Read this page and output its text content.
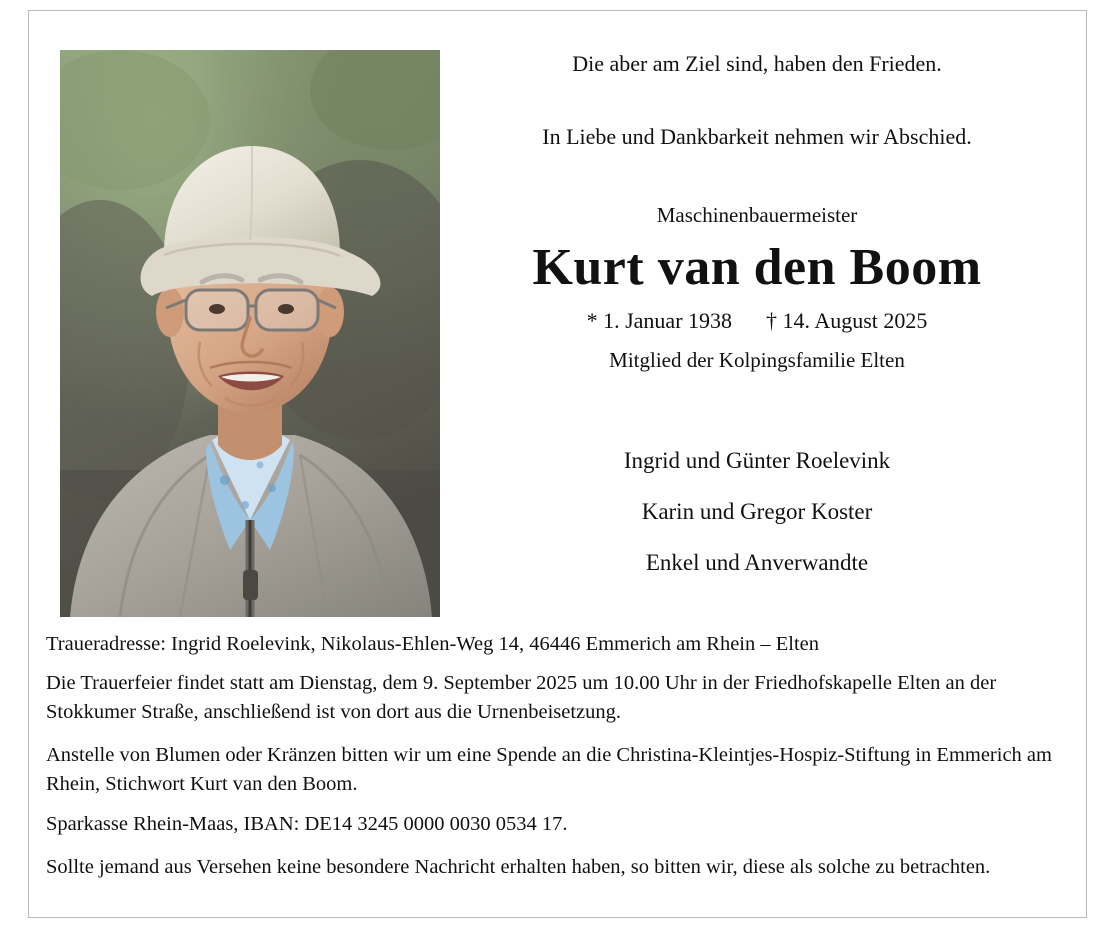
Die aber am Ziel sind, haben den Frieden.
In Liebe und Dankbarkeit nehmen wir Abschied.
Maschinenbauermeister
Kurt van den Boom
* 1. Januar 1938 † 14. August 2025
Mitglied der Kolpingsfamilie Elten
Ingrid und Günter Roelevink
Karin und Gregor Koster
Enkel und Anverwandte

Traueradresse: Ingrid Roelevink, Nikolaus-Ehlen-Weg 14, 46446 Emmerich am Rhein – Elten

Die Trauerfeier findet statt am Dienstag, dem 9. September 2025 um 10.00 Uhr in der Friedhofskapelle Elten an der Stokkumer Straße, anschließend ist von dort aus die Urnenbeisetzung.

Anstelle von Blumen oder Kränzen bitten wir um eine Spende an die Christina-Kleintjes-Hospiz-Stiftung in Emmerich am Rhein, Stichwort Kurt van den Boom.

Sparkasse Rhein-Maas, IBAN: DE14 3245 0000 0030 0534 17.

Sollte jemand aus Versehen keine besondere Nachricht erhalten haben, so bitten wir, diese als solche zu betrachten.
